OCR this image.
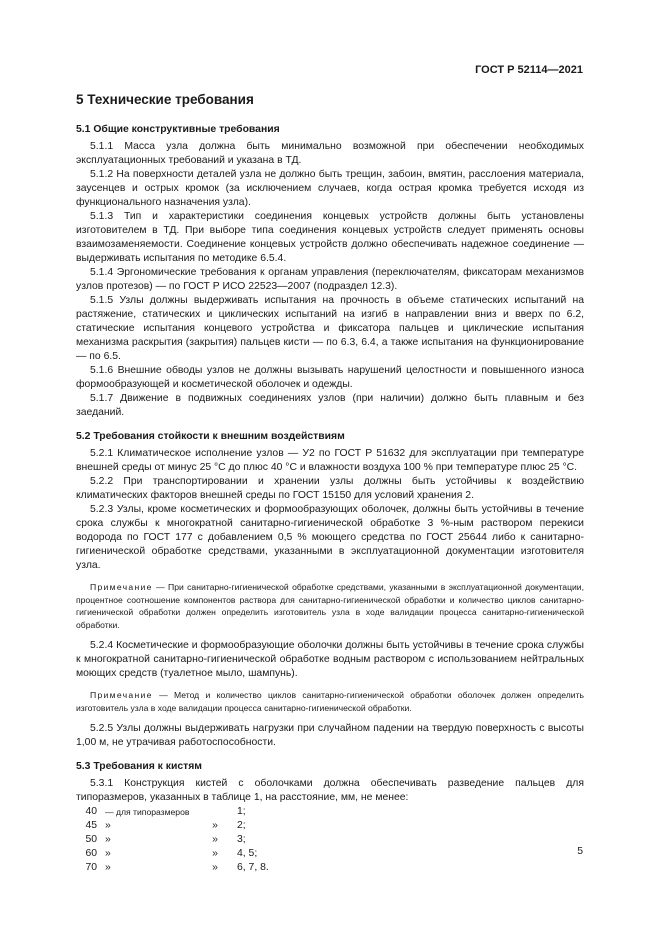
ГОСТ Р 52114—2021
5 Технические требования
5.1 Общие конструктивные требования

5.1.1 Масса узла должна быть минимально возможной при обеспечении необходимых эксплуатационных требований и указана в ТД.

5.1.2 На поверхности деталей узла не должно быть трещин, забоин, вмятин, расслоения материала, заусенцев и острых кромок (за исключением случаев, когда острая кромка требуется исходя из функционального назначения узла).

5.1.3 Тип и характеристики соединения концевых устройств должны быть установлены изготовителем в ТД. При выборе типа соединения концевых устройств следует применять основы взаимозаменяемости. Соединение концевых устройств должно обеспечивать надежное соединение — выдерживать испытания по методике 6.5.4.

5.1.4 Эргономические требования к органам управления (переключателям, фиксаторам механизмов узлов протезов) — по ГОСТ Р ИСО 22523—2007 (подраздел 12.3).

5.1.5 Узлы должны выдерживать испытания на прочность в объеме статических испытаний на растяжение, статических и циклических испытаний на изгиб в направлении вниз и вверх по 6.2, статические испытания концевого устройства и фиксатора пальцев и циклические испытания механизма раскрытия (закрытия) пальцев кисти — по 6.3, 6.4, а также испытания на функционирование — по 6.5.

5.1.6 Внешние обводы узлов не должны вызывать нарушений целостности и повышенного износа формообразующей и косметической оболочек и одежды.

5.1.7 Движение в подвижных соединениях узлов (при наличии) должно быть плавным и без заеданий.

5.2 Требования стойкости к внешним воздействиям

5.2.1 Климатическое исполнение узлов — У2 по ГОСТ Р 51632 для эксплуатации при температуре внешней среды от минус 25 °C до плюс 40 °C и влажности воздуха 100 % при температуре плюс 25 °C.

5.2.2 При транспортировании и хранении узлы должны быть устойчивы к воздействию климатических факторов внешней среды по ГОСТ 15150 для условий хранения 2.

5.2.3 Узлы, кроме косметических и формообразующих оболочек, должны быть устойчивы в течение срока службы к многократной санитарно-гигиенической обработке 3 %-ным раствором перекиси водорода по ГОСТ 177 с добавлением 0,5 % моющего средства по ГОСТ 25644 либо к санитарно-гигиенической обработке средствами, указанными в эксплуатационной документации изготовителя узла.

Примечание — При санитарно-гигиенической обработке средствами, указанными в эксплуатационной документации, процентное соотношение компонентов раствора для санитарно-гигиенической обработки и количество циклов санитарно-гигиенической обработки должен определить изготовитель узла в ходе валидации процесса санитарно-гигиенической обработки.

5.2.4 Косметические и формообразующие оболочки должны быть устойчивы в течение срока службы к многократной санитарно-гигиенической обработке водным раствором с использованием нейтральных моющих средств (туалетное мыло, шампунь).

Примечание — Метод и количество циклов санитарно-гигиенической обработки оболочек должен определить изготовитель узла в ходе валидации процесса санитарно-гигиенической обработки.

5.2.5 Узлы должны выдерживать нагрузки при случайном падении на твердую поверхность с высоты 1,00 м, не утрачивая работоспособности.

5.3 Требования к кистям

5.3.1 Конструкция кистей с оболочками должна обеспечивать разведение пальцев для типоразмеров, указанных в таблице 1, на расстояние, мм, не менее:

40 — для типоразмеров	1;
45 »	»	2;
50 »	»	3;
60 »	»	4, 5;
70 »	»	6, 7, 8.
5
